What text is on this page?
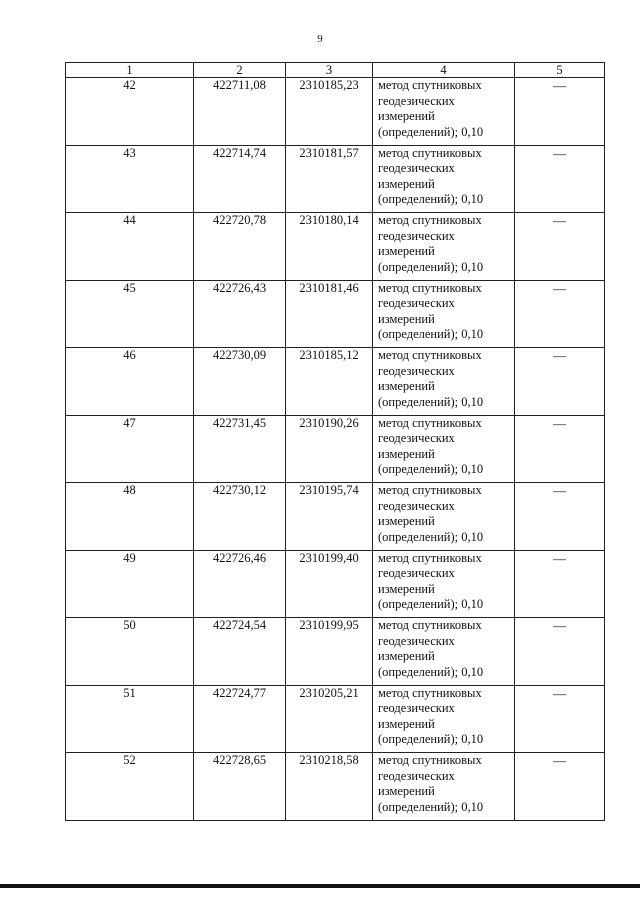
9
1	2	3	4	5
42	422711,08	2310185,23	метод спутниковых
геодезических
измерений
(определений); 0,10	—
43	422714,74	2310181,57	метод спутниковых
геодезических
измерений
(определений); 0,10	—
44	422720,78	2310180,14	метод спутниковых
геодезических
измерений
(определений); 0,10	—
45	422726,43	2310181,46	метод спутниковых
геодезических
измерений
(определений); 0,10	—
46	422730,09	2310185,12	метод спутниковых
геодезических
измерений
(определений); 0,10	—
47	422731,45	2310190,26	метод спутниковых
геодезических
измерений
(определений); 0,10	—
48	422730,12	2310195,74	метод спутниковых
геодезических
измерений
(определений); 0,10	—
49	422726,46	2310199,40	метод спутниковых
геодезических
измерений
(определений); 0,10	—
50	422724,54	2310199,95	метод спутниковых
геодезических
измерений
(определений); 0,10	—
51	422724,77	2310205,21	метод спутниковых
геодезических
измерений
(определений); 0,10	—
52	422728,65	2310218,58	метод спутниковых
геодезических
измерений
(определений); 0,10	—
